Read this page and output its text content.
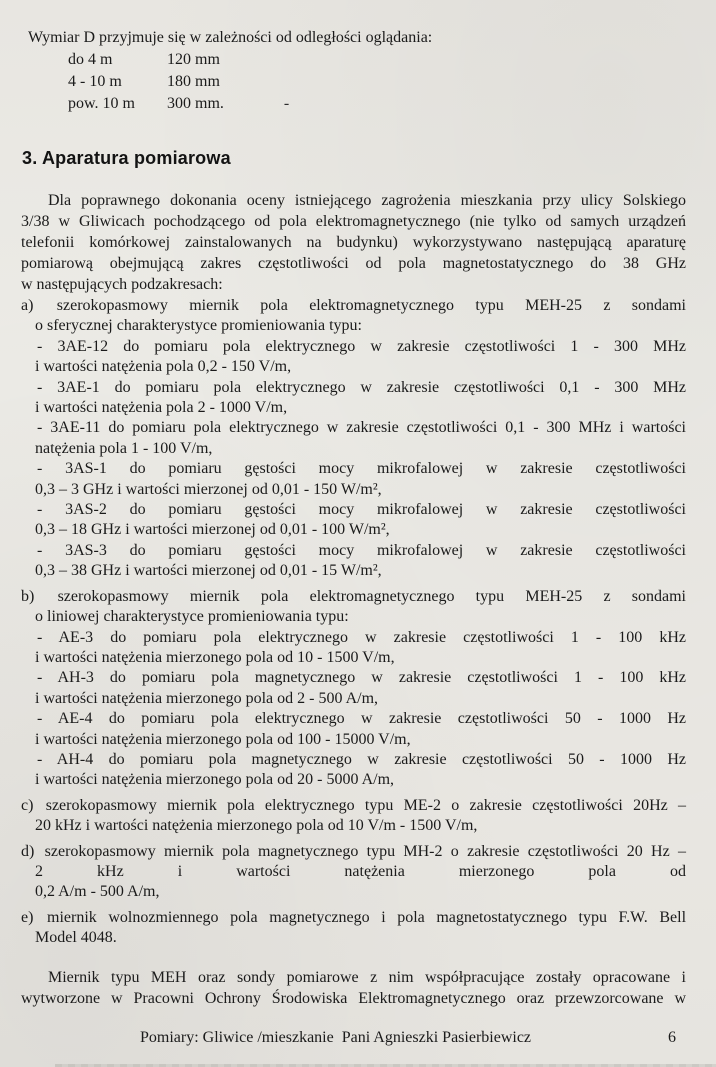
Wymiar D przyjmuje się w zależności od odległości oglądania:
do 4 m	120 mm
4 - 10 m	180 mm
pow. 10 m 300 mm.	-
3. Aparatura pomiarowa
Dla poprawnego dokonania oceny istniejącego zagrożenia mieszkania przy ulicy Solskiego
3/38 w Gliwicach pochodzącego od pola elektromagnetycznego (nie tylko od samych urządzeń
telefonii komórkowej zainstalowanych na budynku) wykorzystywano następującą aparaturę
pomiarową obejmującą zakres częstotliwości od pola magnetostatycznego do 38 GHz
w następujących podzakresach:
a) szerokopasmowy miernik pola elektromagnetycznego typu MEH-25 z sondami
o sferycznej charakterystyce promieniowania typu:
- 3AE-12 do pomiaru pola elektrycznego w zakresie częstotliwości 1 - 300 MHz
i wartości natężenia pola 0,2 - 150 V/m,
- 3AE-1 do pomiaru pola elektrycznego w zakresie częstotliwości 0,1 - 300 MHz
i wartości natężenia pola 2 - 1000 V/m,
- 3AE-11 do pomiaru pola elektrycznego w zakresie częstotliwości 0,1 - 300 MHz i wartości
natężenia pola 1 - 100 V/m,
- 3AS-1 do pomiaru gęstości mocy mikrofalowej w zakresie częstotliwości
0,3 – 3 GHz i wartości mierzonej od 0,01 - 150 W/m²,
- 3AS-2 do pomiaru gęstości mocy mikrofalowej w zakresie częstotliwości
0,3 – 18 GHz i wartości mierzonej od 0,01 - 100 W/m²,
- 3AS-3 do pomiaru gęstości mocy mikrofalowej w zakresie częstotliwości
0,3 – 38 GHz i wartości mierzonej od 0,01 - 15 W/m²,
b) szerokopasmowy miernik pola elektromagnetycznego typu MEH-25 z sondami
o liniowej charakterystyce promieniowania typu:
- AE-3 do pomiaru pola elektrycznego w zakresie częstotliwości 1 - 100 kHz
i wartości natężenia mierzonego pola od 10 - 1500 V/m,
- AH-3 do pomiaru pola magnetycznego w zakresie częstotliwości 1 - 100 kHz
i wartości natężenia mierzonego pola od 2 - 500 A/m,
- AE-4 do pomiaru pola elektrycznego w zakresie częstotliwości 50 - 1000 Hz
i wartości natężenia mierzonego pola od 100 - 15000 V/m,
- AH-4 do pomiaru pola magnetycznego w zakresie częstotliwości 50 - 1000 Hz
i wartości natężenia mierzonego pola od 20 - 5000 A/m,
c) szerokopasmowy miernik pola elektrycznego typu ME-2 o zakresie częstotliwości 20Hz –
20 kHz i wartości natężenia mierzonego pola od 10 V/m - 1500 V/m,
d) szerokopasmowy miernik pola magnetycznego typu MH-2 o zakresie częstotliwości 20 Hz –
2 kHz i wartości natężenia mierzonego pola od
0,2 A/m - 500 A/m,
e) miernik wolnozmiennego pola magnetycznego i pola magnetostatycznego typu F.W. Bell
Model 4048.
Miernik typu MEH oraz sondy pomiarowe z nim współpracujące zostały opracowane i
wytworzone w Pracowni Ochrony Środowiska Elektromagnetycznego oraz przewzorcowane w
Pomiary: Gliwice /mieszkanie  Pani Agnieszki Pasierbiewicz	6
